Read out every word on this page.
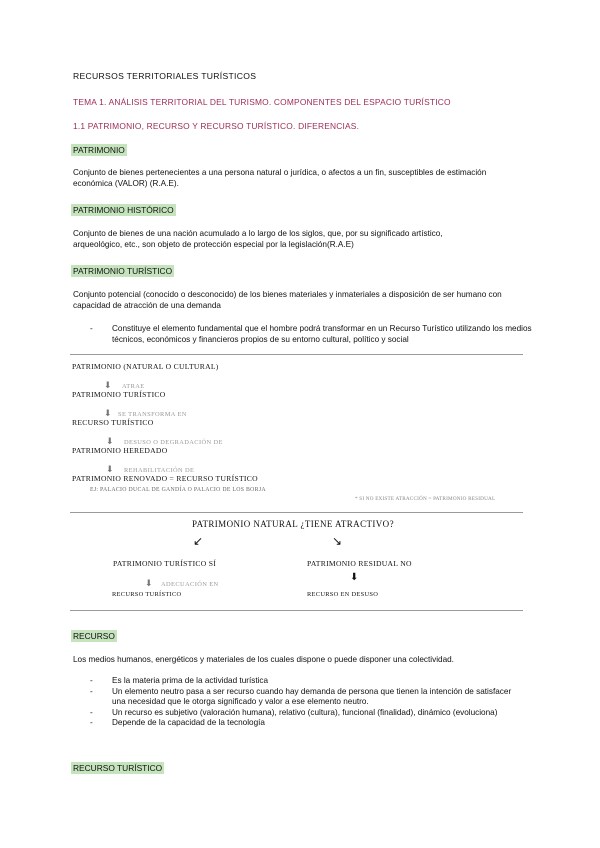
RECURSOS TERRITORIALES TURÍSTICOS
TEMA 1. ANÁLISIS TERRITORIAL DEL TURISMO. COMPONENTES DEL ESPACIO TURÍSTICO
1.1 PATRIMONIO, RECURSO Y RECURSO TURÍSTICO. DIFERENCIAS.
PATRIMONIO
Conjunto de bienes pertenecientes a una persona natural o jurídica, o afectos a un fin, susceptibles de estimación económica (VALOR) (R.A.E).
PATRIMONIO HISTÓRICO
Conjunto de bienes de una nación acumulado a lo largo de los siglos, que, por su significado artístico, arqueológico, etc., son objeto de protección especial por la legislación(R.A.E)
PATRIMONIO TURÍSTICO
Conjunto potencial (conocido o desconocido) de los bienes materiales y inmateriales a disposición de ser humano con capacidad de atracción de una demanda
- Constituye el elemento fundamental que el hombre podrá transformar en un Recurso Turístico utilizando los medios técnicos, económicos y financieros propios de su entorno cultural, político y social
PATRIMONIO (NATURAL O CULTURAL)
⬇ ATRAE
PATRIMONIO TURÍSTICO
⬇ SE TRANSFORMA EN
RECURSO TURÍSTICO
⬇ DESUSO O DEGRADACIÓN DE
PATRIMONIO HEREDADO
⬇ REHABILITACIÓN DE
PATRIMONIO RENOVADO = RECURSO TURÍSTICO
EJ: PALACIO DUCAL DE GANDÍA O PALACIO DE LOS BORJA
* SI NO EXISTE ATRACCIÓN = PATRIMONIO RESIDUAL
PATRIMONIO NATURAL ¿TIENE ATRACTIVO?
↙	↘
PATRIMONIO TURÍSTICO SÍ	PATRIMONIO RESIDUAL NO
⬇ ADECUACIÓN EN
⬇
RECURSO TURÍSTICO	RECURSO EN DESUSO
RECURSO
Los medios humanos, energéticos y materiales de los cuales dispone o puede disponer una colectividad.
- Es la materia prima de la actividad turística
- Un elemento neutro pasa a ser recurso cuando hay demanda de persona que tienen la intención de satisfacer una necesidad que le otorga significado y valor a ese elemento neutro.
- Un recurso es subjetivo (valoración humana), relativo (cultura), funcional (finalidad), dinámico (evoluciona)
- Depende de la capacidad de la tecnología
RECURSO TURÍSTICO
